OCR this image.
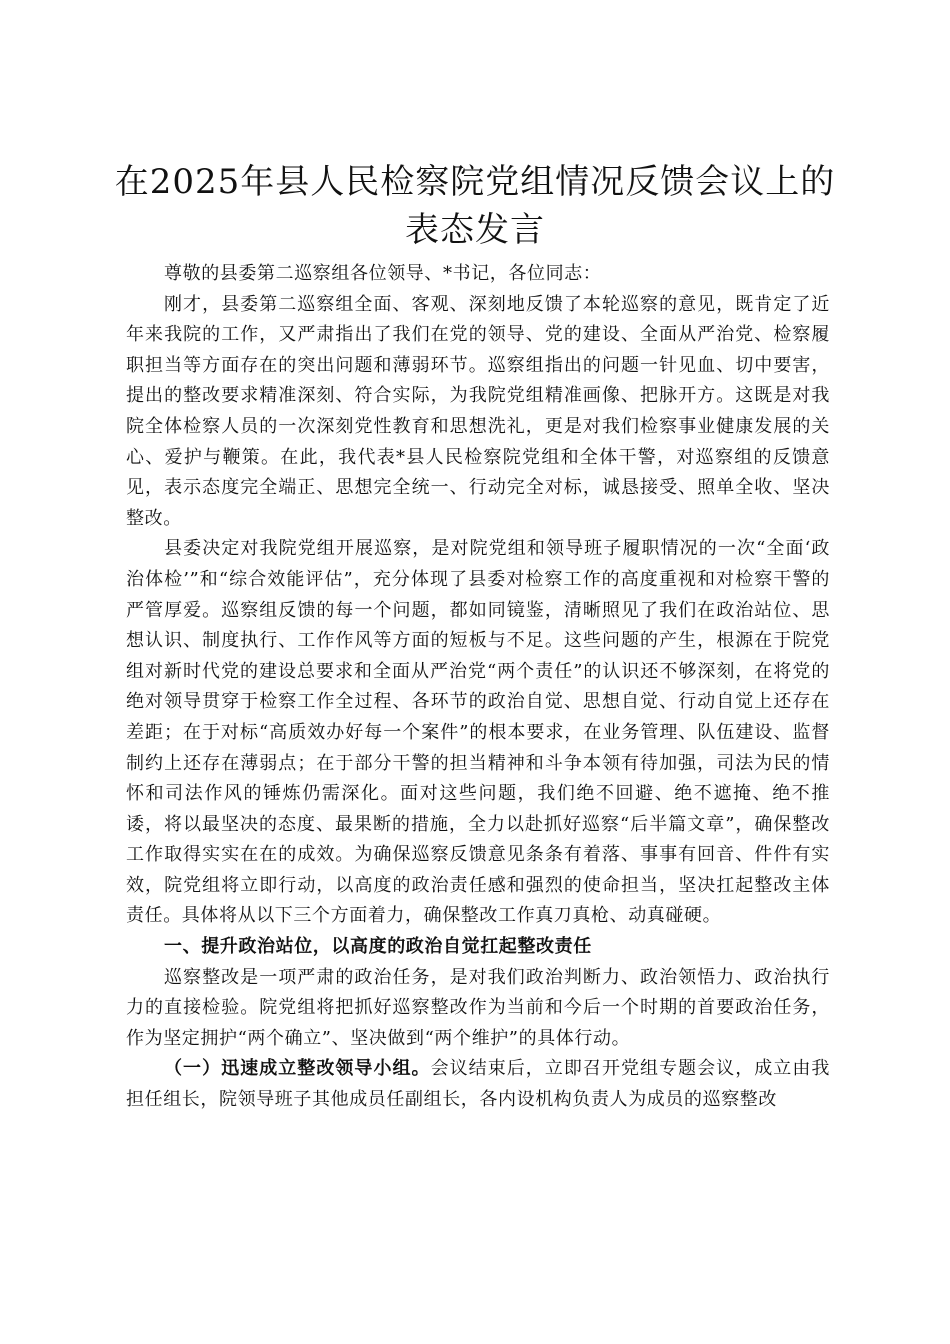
在2025年县人民检察院党组情况反馈会议上的表态发言

尊敬的县委第二巡察组各位领导、*书记，各位同志：

刚才，县委第二巡察组全面、客观、深刻地反馈了本轮巡察的意见，既肯定了近年来我院的工作，又严肃指出了我们在党的领导、党的建设、全面从严治党、检察履职担当等方面存在的突出问题和薄弱环节。巡察组指出的问题一针见血、切中要害，提出的整改要求精准深刻、符合实际，为我院党组精准画像、把脉开方。这既是对我院全体检察人员的一次深刻党性教育和思想洗礼，更是对我们检察事业健康发展的关心、爱护与鞭策。在此，我代表*县人民检察院党组和全体干警，对巡察组的反馈意见，表示态度完全端正、思想完全统一、行动完全对标，诚恳接受、照单全收、坚决整改。

县委决定对我院党组开展巡察，是对院党组和领导班子履职情况的一次“全面‘政治体检’”和“综合效能评估”，充分体现了县委对检察工作的高度重视和对检察干警的严管厚爱。巡察组反馈的每一个问题，都如同镜鉴，清晰照见了我们在政治站位、思想认识、制度执行、工作作风等方面的短板与不足。这些问题的产生，根源在于院党组对新时代党的建设总要求和全面从严治党“两个责任”的认识还不够深刻，在将党的绝对领导贯穿于检察工作全过程、各环节的政治自觉、思想自觉、行动自觉上还存在差距；在于对标“高质效办好每一个案件”的根本要求，在业务管理、队伍建设、监督制约上还存在薄弱点；在于部分干警的担当精神和斗争本领有待加强，司法为民的情怀和司法作风的锤炼仍需深化。面对这些问题，我们绝不回避、绝不遮掩、绝不推诿，将以最坚决的态度、最果断的措施，全力以赴抓好巡察“后半篇文章”，确保整改工作取得实实在在的成效。为确保巡察反馈意见条条有着落、事事有回音、件件有实效，院党组将立即行动，以高度的政治责任感和强烈的使命担当，坚决扛起整改主体责任。具体将从以下三个方面着力，确保整改工作真刀真枪、动真碰硬。

一、提升政治站位，以高度的政治自觉扛起整改责任

巡察整改是一项严肃的政治任务，是对我们政治判断力、政治领悟力、政治执行力的直接检验。院党组将把抓好巡察整改作为当前和今后一个时期的首要政治任务，作为坚定拥护“两个确立”、坚决做到“两个维护”的具体行动。

（一）迅速成立整改领导小组。会议结束后，立即召开党组专题会议，成立由我担任组长，院领导班子其他成员任副组长，各内设机构负责人为成员的巡察整改
